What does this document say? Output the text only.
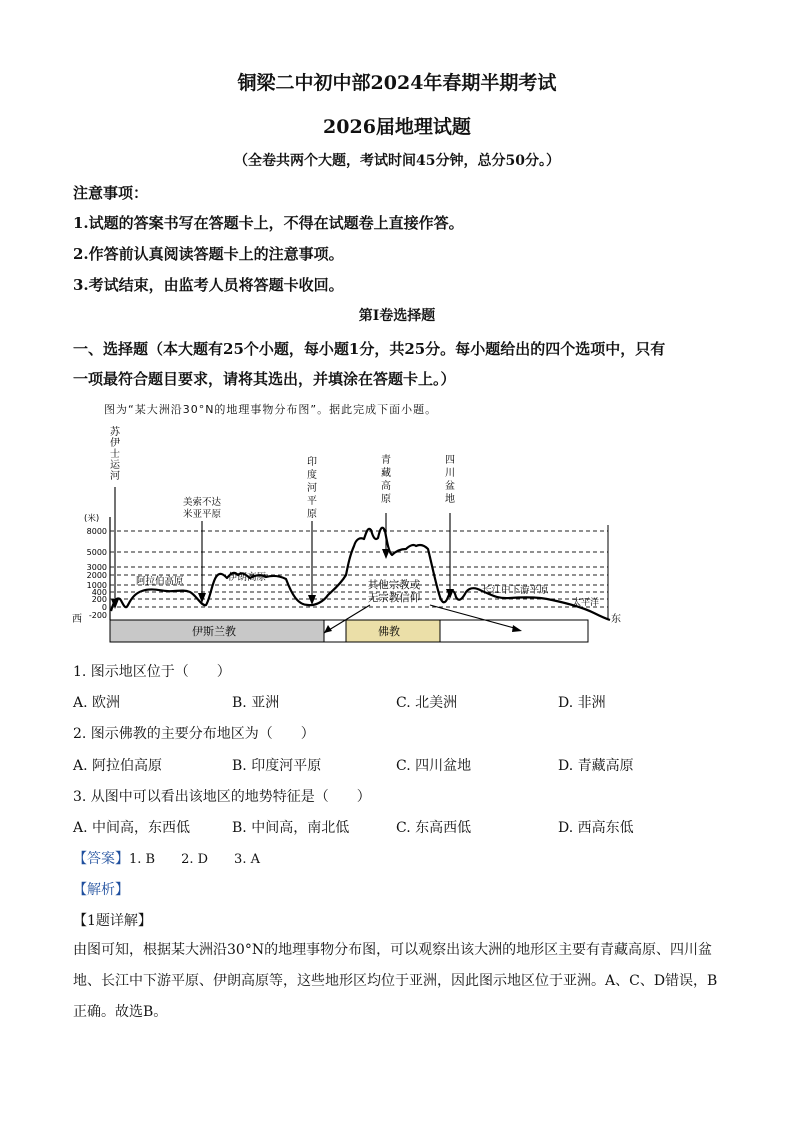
铜梁二中初中部2024年春期半期考试
2026届地理试题
（全卷共两个大题，考试时间45分钟，总分50分。）
注意事项：
1.试题的答案书写在答题卡上，不得在试题卷上直接作答。
2.作答前认真阅读答题卡上的注意事项。
3.考试结束，由监考人员将答题卡收回。
第I卷选择题
一、选择题（本大题有25个小题，每小题1分，共25分。每小题给出的四个选项中，只有
一项最符合题目要求，请将其选出，并填涂在答题卡上。）
图为“某大洲沿30°N的地理事物分布图”。据此完成下面小题。
(米)
8000
5000
3000
2000
1000
400
200
0
-200
伊斯兰教	佛教
西	东
苏伊士运河
印度河平原
青藏高原
四川盆地
美索不达
米亚平原
阿拉伯高原	伊朗高原
其他宗教或
无宗教信仰
长江中下游平原
太平洋
1. 图示地区位于（　　）
A. 欧洲	B. 亚洲	C. 北美洲	D. 非洲
2. 图示佛教的主要分布地区为（　　）
A. 阿拉伯高原	B. 印度河平原	C. 四川盆地	D. 青藏高原
3. 从图中可以看出该地区的地势特征是（　　）
A. 中间高，东西低	B. 中间高，南北低	C. 东高西低	D. 西高东低
【答案】1. B　　2. D　　3. A
【解析】
【1题详解】
由图可知，根据某大洲沿30°N的地理事物分布图，可以观察出该大洲的地形区主要有青藏高原、四川盆地、长江中下游平原、伊朗高原等，这些地形区均位于亚洲，因此图示地区位于亚洲。A、C、D错误，B正确。故选B。
